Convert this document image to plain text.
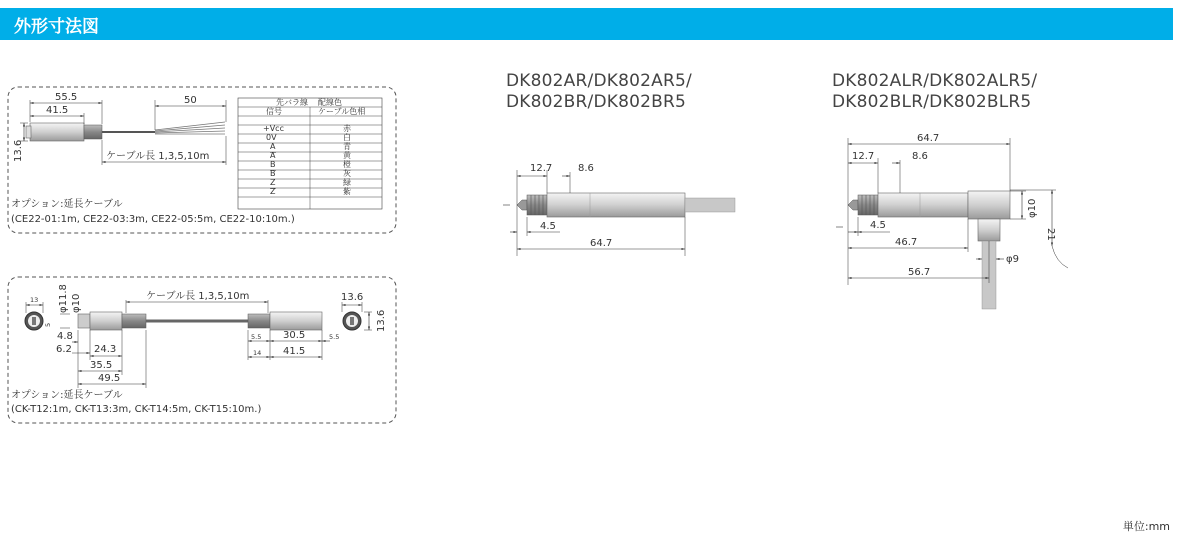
外形寸法図
DK802AR/DK802AR5/
DK802BR/DK802BR5
DK802ALR/DK802ALR5/
DK802BLR/DK802BLR5
55.5
41.5
50
ケーブル長 1,3,5,10m
13.6
先バラ線 配線色
信号	ケーブル色相
+Vcc	赤
0V	白
A	青
A	黄
B	橙
B	灰
Z	緑
Z	紫
オプション:延長ケーブル
(CE22-01:1m, CE22-03:3m, CE22-05:5m, CE22-10:10m.)
13
5
φ11.8 φ10	ケーブル長 1,3,5,10m	13.6
13.6
4.8
6.2 24.3
35.5
49.5
5.5 30.5	5.5
14 41.5
オプション:延長ケーブル
(CK-T12:1m, CK-T13:3m, CK-T14:5m, CK-T15:10m.)
12.7	8.6
4.5
64.7
64.7
12.7	8.6
4.5
46.7
56.7
φ9
φ10
21
単位:mm
